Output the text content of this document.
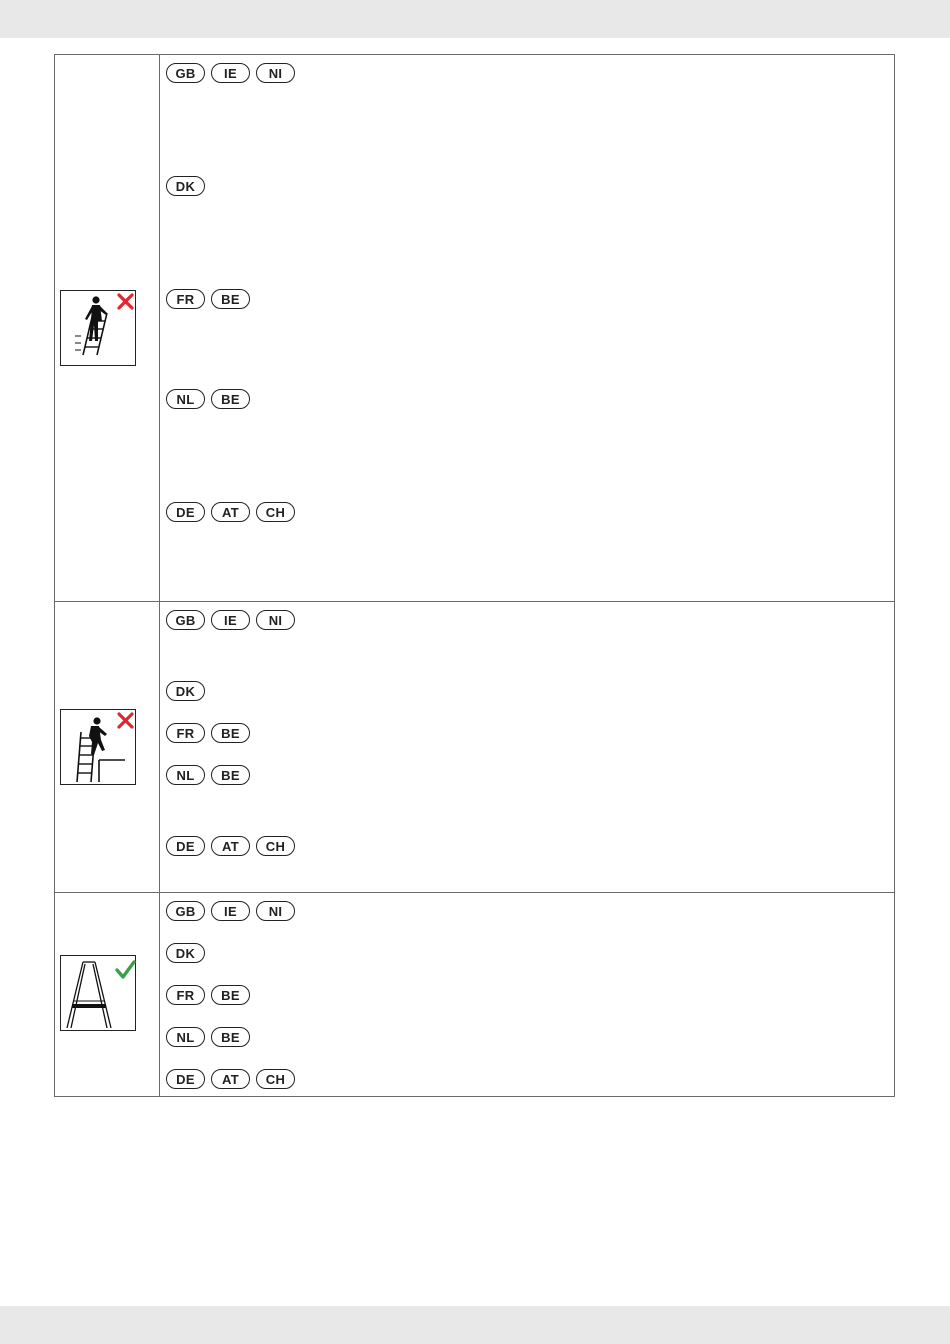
GB	IE	NI
DK
FR	BE
NL	BE
DE	AT	CH
GB	IE	NI
DK
FR	BE
NL	BE
DE	AT	CH
GB	IE	NI
DK
FR	BE
NL	BE
DE	AT	CH
